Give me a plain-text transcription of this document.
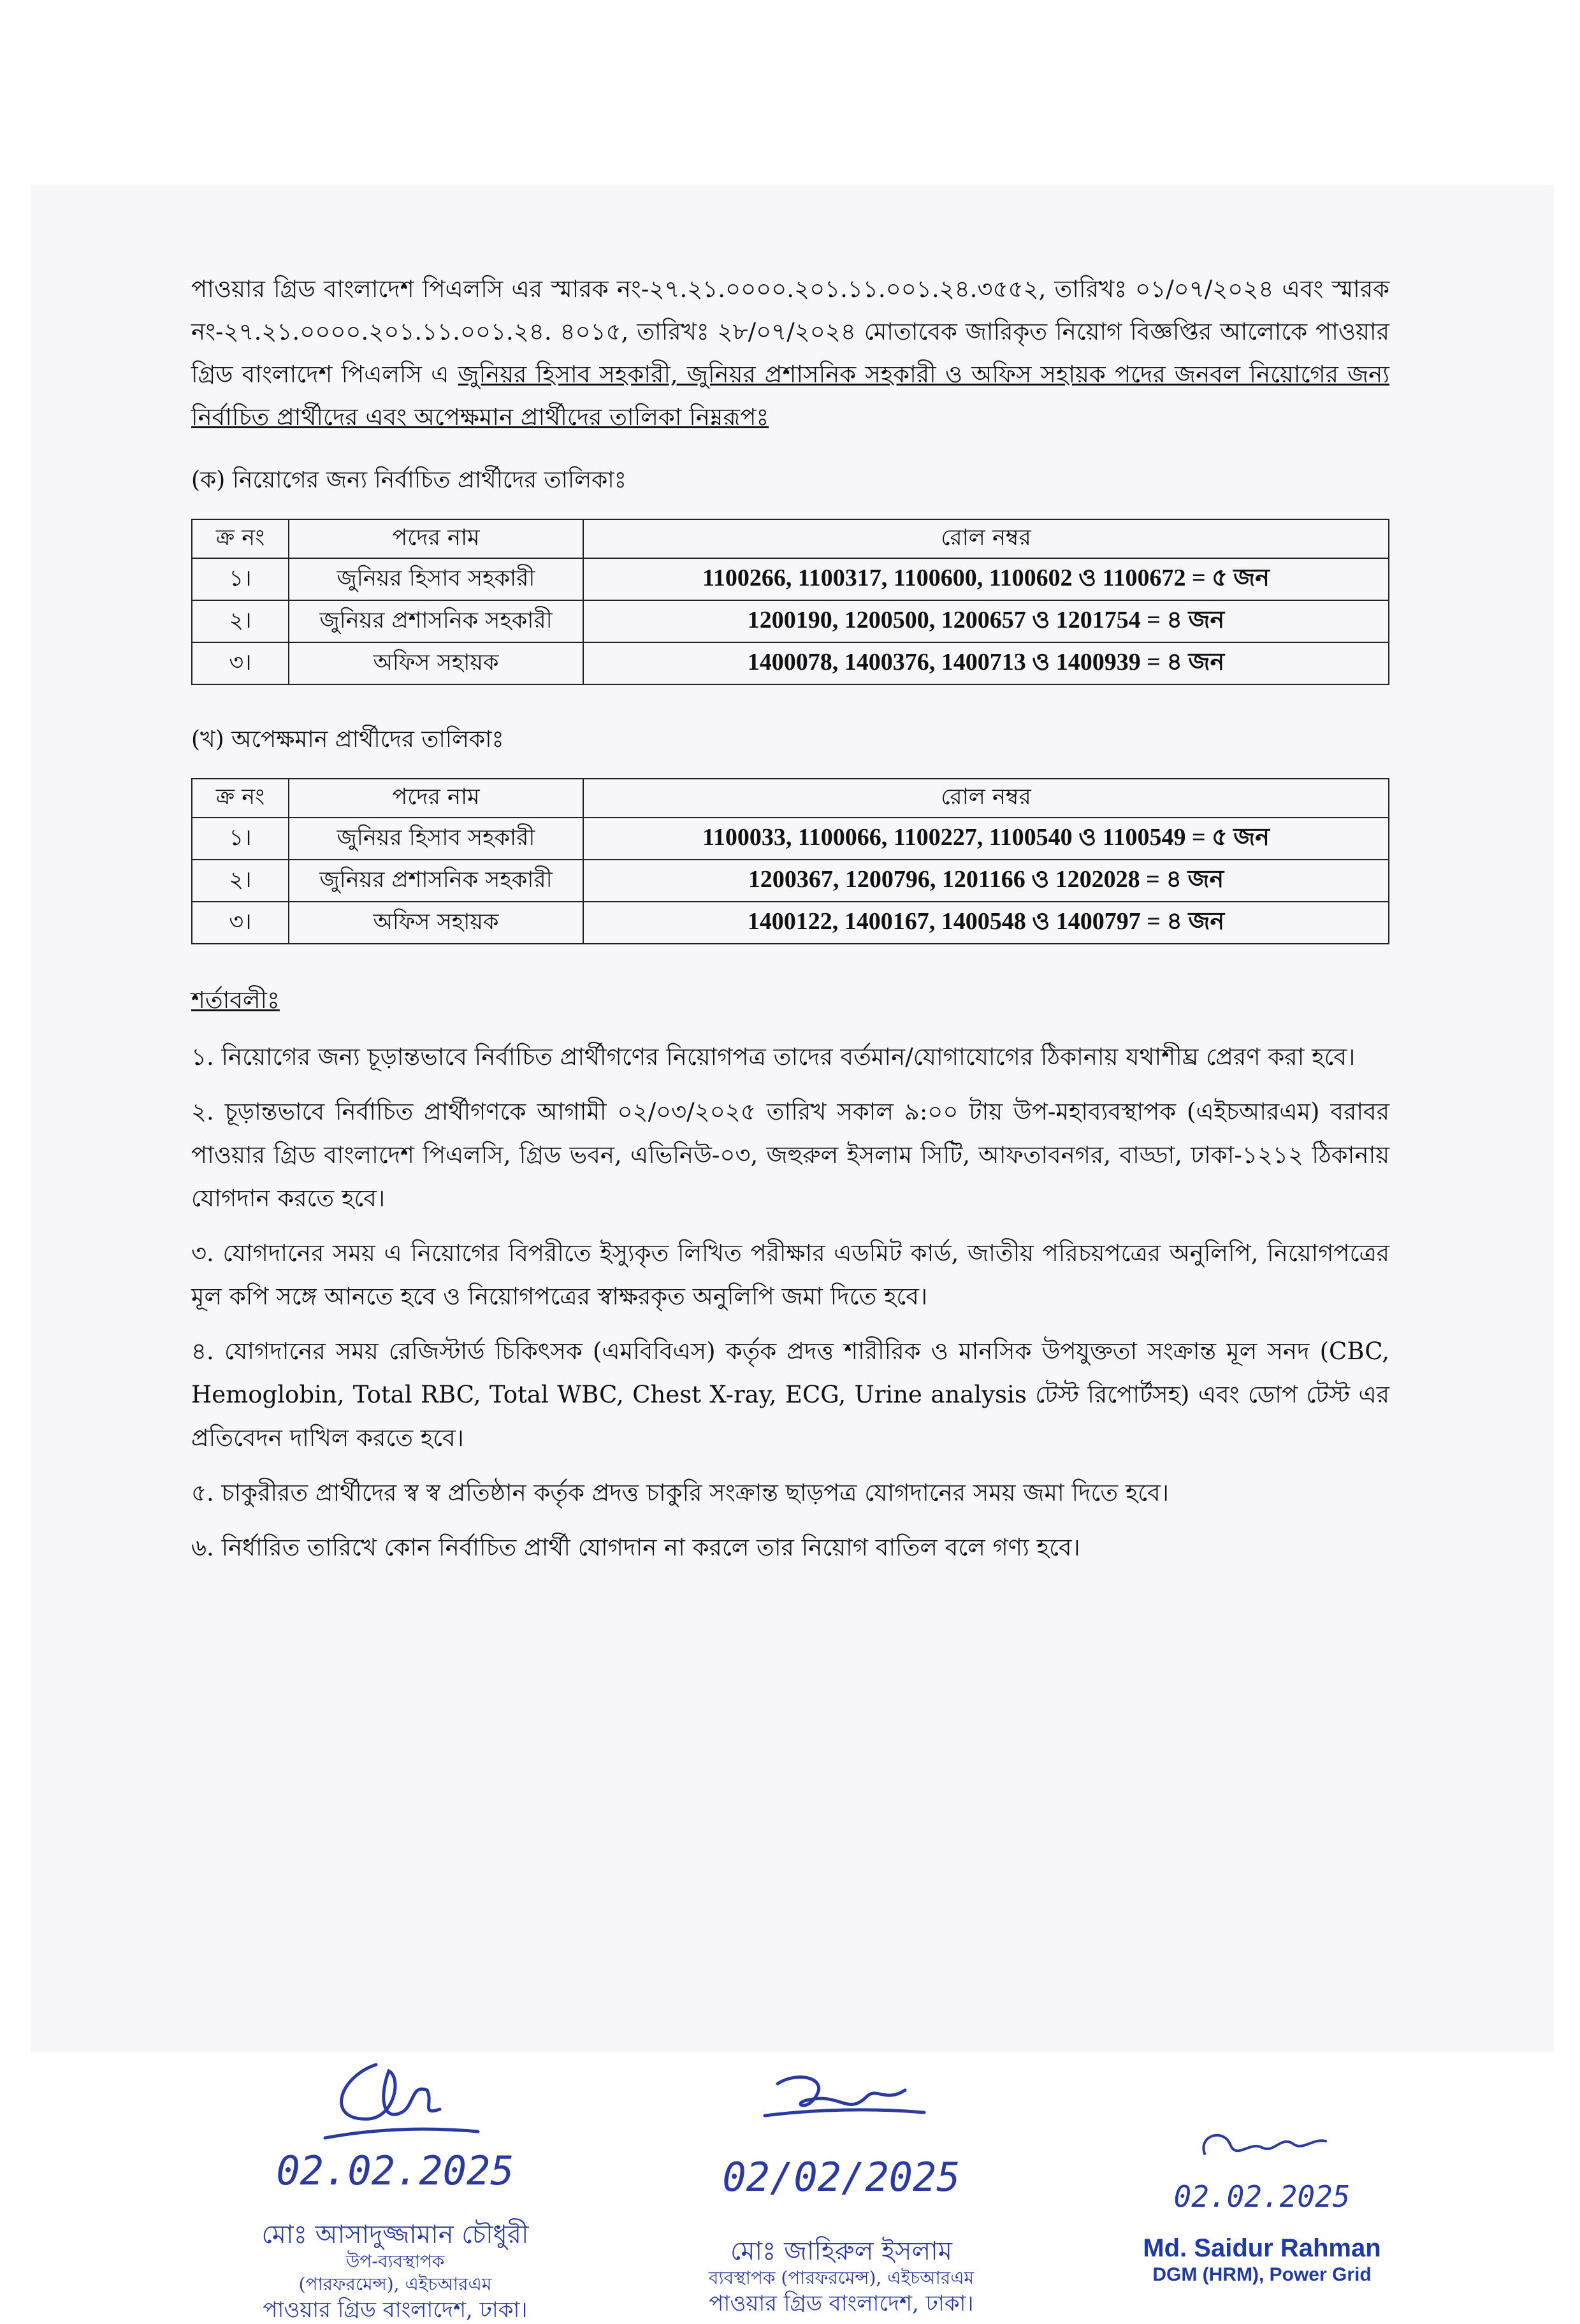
পাওয়ার গ্রিড বাংলাদেশ পিএলসি এর স্মারক নং-২৭.২১.০০০০.২০১.১১.০০১.২৪.৩৫৫২, তারিখঃ ০১/০৭/২০২৪ এবং স্মারক নং-২৭.২১.০০০০.২০১.১১.০০১.২৪. ৪০১৫, তারিখঃ ২৮/০৭/২০২৪ মোতাবেক জারিকৃত নিয়োগ বিজ্ঞপ্তির আলোকে পাওয়ার গ্রিড বাংলাদেশ পিএলসি এ জুনিয়র হিসাব সহকারী, জুনিয়র প্রশাসনিক সহকারী ও অফিস সহায়ক পদের জনবল নিয়োগের জন্য নির্বাচিত প্রার্থীদের এবং অপেক্ষমান প্রার্থীদের তালিকা নিম্নরূপঃ

(ক) নিয়োগের জন্য নির্বাচিত প্রার্থীদের তালিকাঃ
ক্র নং	পদের নাম	রোল নম্বর
১।	জুনিয়র হিসাব সহকারী	1100266, 1100317, 1100600, 1100602 ও 1100672 = ৫ জন
২।	জুনিয়র প্রশাসনিক সহকারী	1200190, 1200500, 1200657 ও 1201754 = ৪ জন
৩।	অফিস সহায়ক	1400078, 1400376, 1400713 ও 1400939 = ৪ জন
(খ) অপেক্ষমান প্রার্থীদের তালিকাঃ
ক্র নং	পদের নাম	রোল নম্বর
১।	জুনিয়র হিসাব সহকারী	1100033, 1100066, 1100227, 1100540 ও 1100549 = ৫ জন
২।	জুনিয়র প্রশাসনিক সহকারী	1200367, 1200796, 1201166 ও 1202028 = ৪ জন
৩।	অফিস সহায়ক	1400122, 1400167, 1400548 ও 1400797 = ৪ জন
শর্তাবলীঃ

১. নিয়োগের জন্য চূড়ান্তভাবে নির্বাচিত প্রার্থীগণের নিয়োগপত্র তাদের বর্তমান/যোগাযোগের ঠিকানায় যথাশীঘ্র প্রেরণ করা হবে।

২. চূড়ান্তভাবে নির্বাচিত প্রার্থীগণকে আগামী ০২/০৩/২০২৫ তারিখ সকাল ৯:০০ টায় উপ-মহাব্যবস্থাপক (এইচআরএম) বরাবর পাওয়ার গ্রিড বাংলাদেশ পিএলসি, গ্রিড ভবন, এভিনিউ-০৩, জহুরুল ইসলাম সিটি, আফতাবনগর, বাড্ডা, ঢাকা-১২১২ ঠিকানায় যোগদান করতে হবে।

৩. যোগদানের সময় এ নিয়োগের বিপরীতে ইস্যুকৃত লিখিত পরীক্ষার এডমিট কার্ড, জাতীয় পরিচয়পত্রের অনুলিপি, নিয়োগপত্রের মূল কপি সঙ্গে আনতে হবে ও নিয়োগপত্রের স্বাক্ষরকৃত অনুলিপি জমা দিতে হবে।

৪. যোগদানের সময় রেজিস্টার্ড চিকিৎসক (এমবিবিএস) কর্তৃক প্রদত্ত শারীরিক ও মানসিক উপযুক্ততা সংক্রান্ত মূল সনদ (CBC, Hemoglobin, Total RBC, Total WBC, Chest X-ray, ECG, Urine analysis টেস্ট রিপোর্টসহ) এবং ডোপ টেস্ট এর প্রতিবেদন দাখিল করতে হবে।

৫. চাকুরীরত প্রার্থীদের স্ব স্ব প্রতিষ্ঠান কর্তৃক প্রদত্ত চাকুরি সংক্রান্ত ছাড়পত্র যোগদানের সময় জমা দিতে হবে।

৬. নির্ধারিত তারিখে কোন নির্বাচিত প্রার্থী যোগদান না করলে তার নিয়োগ বাতিল বলে গণ্য হবে।

02.02.2025
মোঃ আসাদুজ্জামান চৌধুরী
উপ-ব্যবস্থাপক
(পারফরমেন্স), এইচআরএম
পাওয়ার গ্রিড বাংলাদেশ, ঢাকা।
02/02/2025
মোঃ জাহিরুল ইসলাম
ব্যবস্থাপক (পারফরমেন্স), এইচআরএম
পাওয়ার গ্রিড বাংলাদেশ, ঢাকা।
02.02.2025
Md. Saidur Rahman
DGM (HRM), Power Grid
